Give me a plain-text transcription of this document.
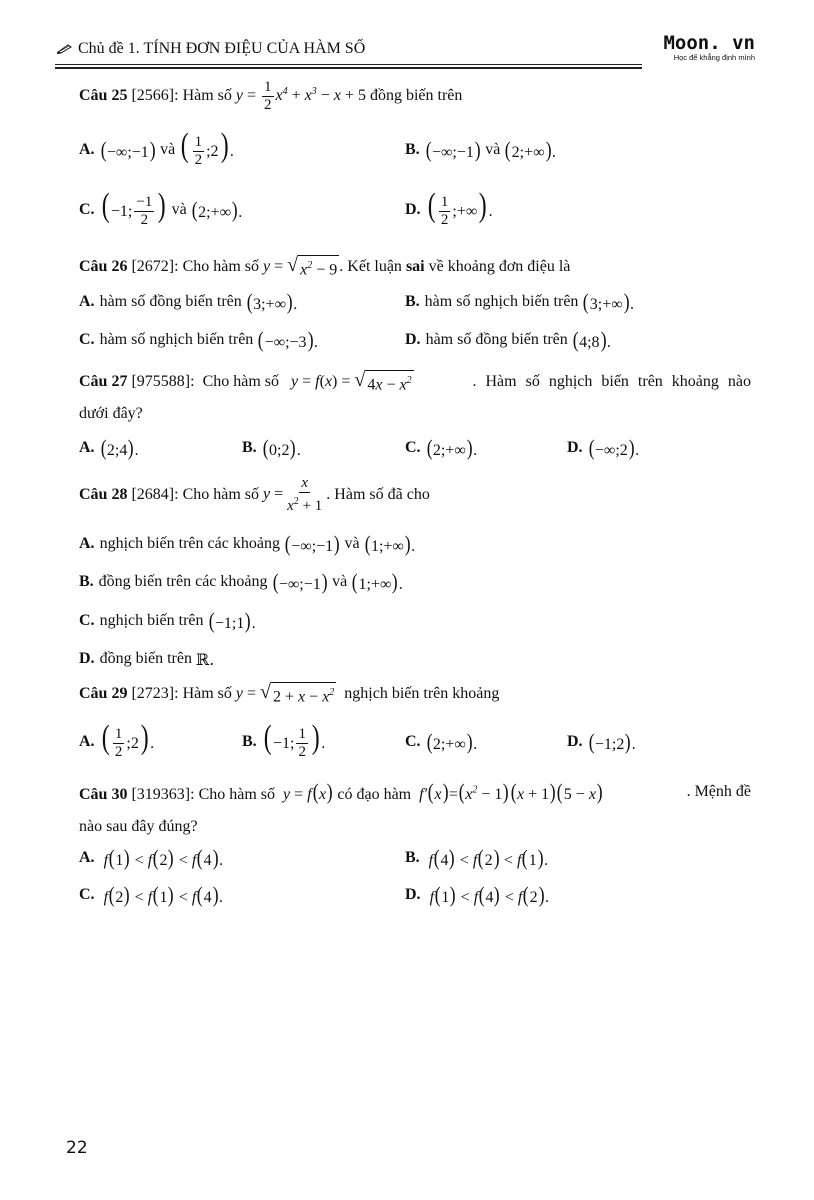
Chủ đề 1. TÍNH ĐƠN ĐIỆU CỦA HÀM SỐ	Moon. vn
Học để khẳng định mình
Câu 25
[2566]:
Hàm số
$y = \frac{1}{2} x^4 + x^3 - x + 5$
đồng biến trên
A. (−∞;−1)
và
( $\frac{1}{2}$ ;2) .	B. (−∞;−1)
và
(2;+∞).
C. ( −1; $\frac{-1}{2}$ )
và
(2;+∞).	D. ( $\frac{1}{2}$ ;+∞) .
Câu 26
[2672]:
Cho hàm số
y = √ $x^2 - 9$ . Kết luận
sai
về khoảng đơn điệu là
A. hàm số đồng biến trên
(3;+∞).	B. hàm số nghịch biến trên
(3;+∞).
C. hàm số nghịch biến trên
(−∞;−3).	D. hàm số đồng biến trên
(4;8).
Câu 27 [975588]: Cho hàm số y = f(x) = √ $4x - x^2$	. Hàm số nghịch biến trên khoảng nào
dưới đây?
A. (2;4).	B. (0;2).	C. (2;+∞).	D. (−∞;2).
Câu 28
[2684]:
Cho hàm số
$y = \frac{x}{x^2 + 1}$ . Hàm số đã cho
A. nghịch biến trên các khoảng
(−∞;−1)
và
(1;+∞).
B. đồng biến trên các khoảng
(−∞;−1)
và
(1;+∞).
C. nghịch biến trên
(−1;1).
D. đồng biến trên
ℝ.
Câu 29
[2723]:
Hàm số
y = √ $2 + x - x^2$
nghịch biến trên khoảng
A. ( $\frac{1}{2}$ ;2) .	B. ( −1; $\frac{1}{2}$ ) .	C. (2;+∞).	D. (−1;2).
Câu 30 [319363]: Cho hàm số y = f(x) có đạo hàm $f'(x)=(x^2 - 1)(x + 1)(5 - x)$	. Mệnh đề
nào sau đây đúng?
A.
f(1) < f(2) < f(4).	B.
f(4) < f(2) < f(1).
C.
f(2) < f(1) < f(4).	D.
f(1) < f(4) < f(2).
22
